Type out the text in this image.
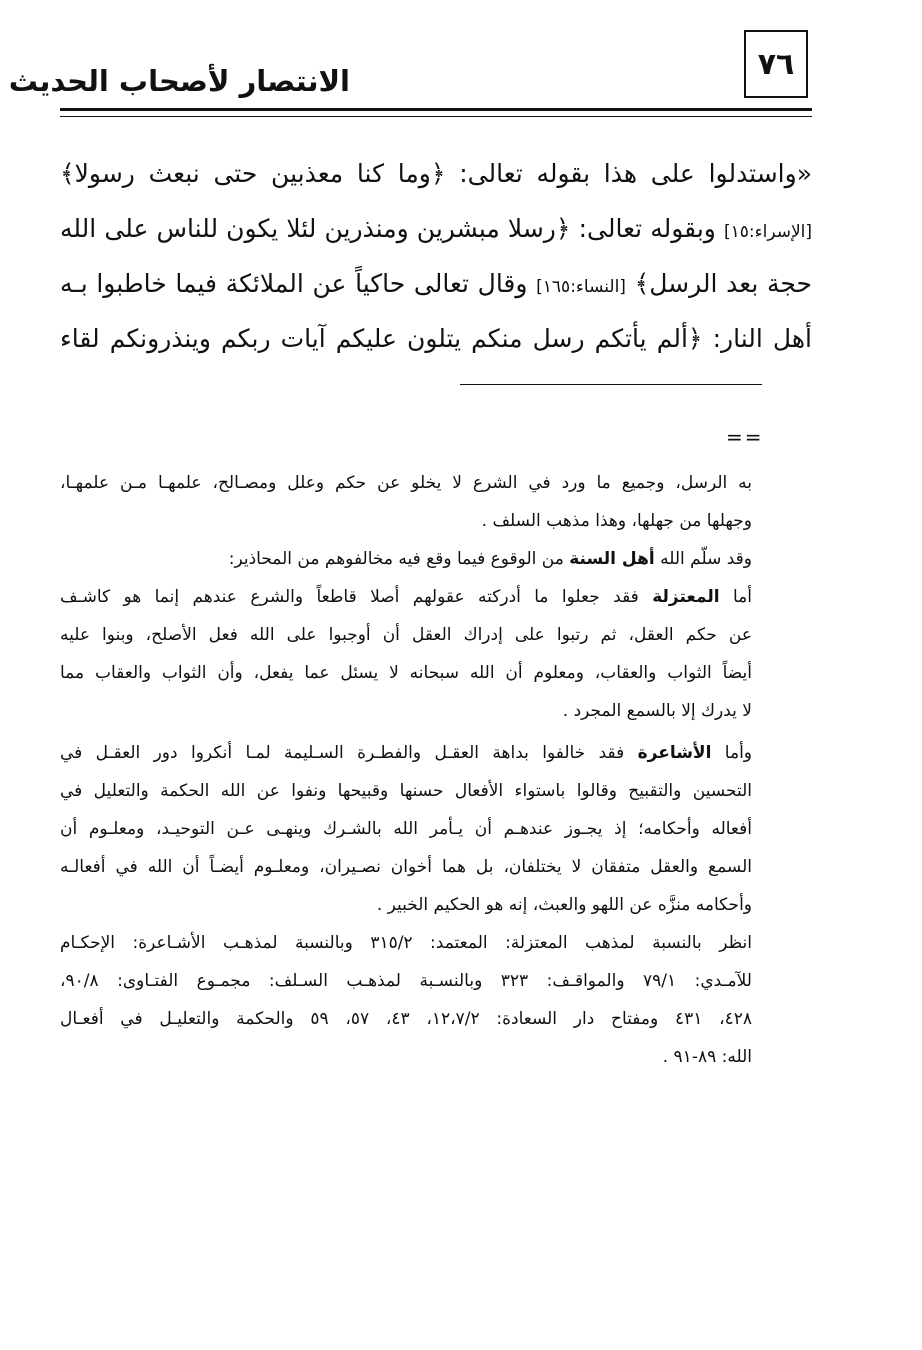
٧٦
الانتصار لأصحاب الحديث
«واستدلوا على هذا بقوله تعالى: ﴿وما كنا معذبين حتى نبعث رسولا﴾
[الإسراء:١٥] وبقوله تعالى: ﴿رسلا مبشرين ومنذرين لئلا يكون للناس على الله
حجة بعد الرسل﴾ [النساء:١٦٥] وقال تعالى حاكياً عن الملائكة فيما خاطبوا بـه
أهل النار: ﴿ألم يأتكم رسل منكم يتلون عليكم آيات ربكم وينذرونكم لقاء
==
به الرسل، وجميع ما ورد في الشرع لا يخلو عن حكم وعلل ومصـالح، علمهـا مـن علمهـا،
وجهلها من جهلها، وهذا مذهب السلف .
وقد سلّم الله أهل السنة من الوقوع فيما وقع فيه مخالفوهم من المحاذير:
أما المعتزلة فقد جعلوا ما أدركته عقولهم أصلا قاطعاً والشرع عندهم إنما هو كاشـف
عن حكم العقل، ثم رتبوا على إدراك العقل أن أوجبوا على الله فعل الأصلح، وبنوا عليه
أيضاً الثواب والعقاب، ومعلوم أن الله سبحانه لا يسئل عما يفعل، وأن الثواب والعقاب مما
لا يدرك إلا بالسمع المجرد .
وأما الأشاعرة فقد خالفوا بداهة العقـل والفطـرة السـليمة لمـا أنكروا دور العقـل في
التحسين والتقبيح وقالوا باستواء الأفعال حسنها وقبيحها ونفوا عن الله الحكمة والتعليل في
أفعاله وأحكامه؛ إذ يجـوز عندهـم أن يـأمر الله بالشـرك وينهـى عـن التوحيـد، ومعلـوم أن
السمع والعقل متفقان لا يختلفان، بل هما أخوان نصـيران، ومعلـوم أيضـاً أن الله في أفعالـه
وأحكامه منزَّه عن اللهو والعبث، إنه هو الحكيم الخبير .
انظر بالنسبة لمذهب المعتزلة: المعتمد: ٣١٥/٢ وبالنسبة لمذهـب الأشـاعرة: الإحكـام
للآمـدي: ٧٩/١ والمواقـف: ٣٢٣ وبالنسـبة لمذهـب السـلف: مجمـوع الفتـاوى: ٩٠/٨،
٤٢٨، ٤٣١ ومفتاح دار السعادة: ١٢،٧/٢، ٤٣، ٥٧، ٥٩ والحكمة والتعليـل في أفعـال
الله: ٨٩-٩١ .
